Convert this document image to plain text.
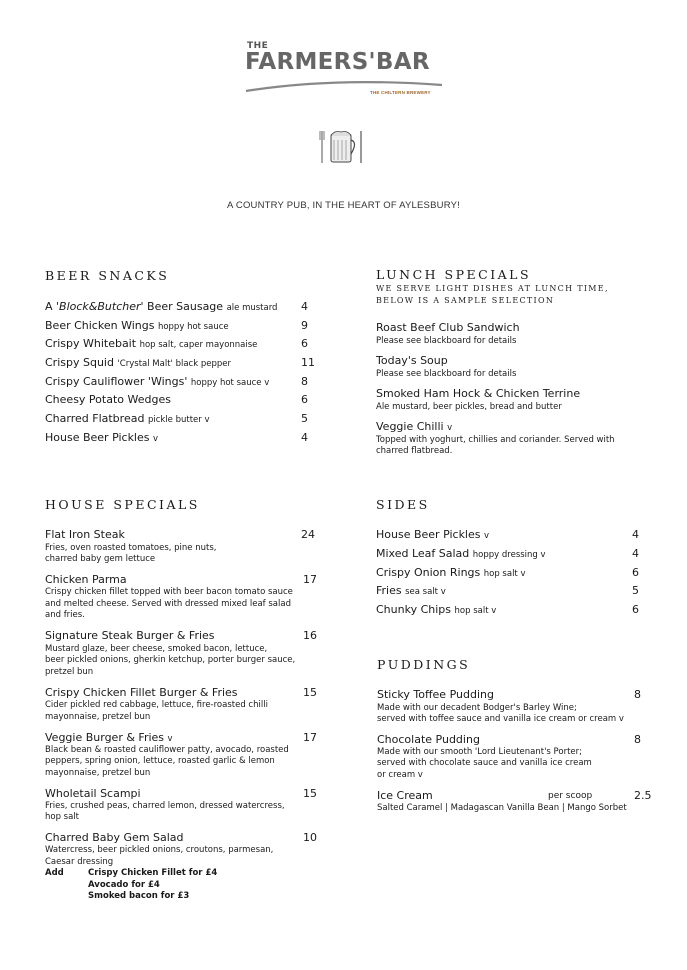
THE
FARMERS'BAR
THE CHILTERN BREWERY
A COUNTRY PUB, IN THE HEART OF AYLESBURY!
BEER SNACKS
A 'Block&Butcher' Beer Sausage ale mustard 4
Beer Chicken Wings hoppy hot sauce	9
Crispy Whitebait hop salt, caper mayonnaise	6
Crispy Squid 'Crystal Malt' black pepper	11
Crispy Cauliflower 'Wings' hoppy hot sauce v	8
Cheesy Potato Wedges	6
Charred Flatbread pickle butter v	5
House Beer Pickles v	4
LUNCH SPECIALS
WE SERVE LIGHT DISHES AT LUNCH TIME,
BELOW IS A SAMPLE SELECTION
Roast Beef Club Sandwich
Please see blackboard for details
Today's Soup
Please see blackboard for details
Smoked Ham Hock & Chicken Terrine
Ale mustard, beer pickles, bread and butter
Veggie Chilli v
Topped with yoghurt, chillies and coriander. Served with
charred flatbread.
HOUSE SPECIALS
Flat Iron Steak	24
Fries, oven roasted tomatoes, pine nuts,
charred baby gem lettuce
Chicken Parma	17
Crispy chicken fillet topped with beer bacon tomato sauce
and melted cheese. Served with dressed mixed leaf salad
and fries.
Signature Steak Burger & Fries	16
Mustard glaze, beer cheese, smoked bacon, lettuce,
beer pickled onions, gherkin ketchup, porter burger sauce,
pretzel bun
Crispy Chicken Fillet Burger & Fries	15
Cider pickled red cabbage, lettuce, fire-roasted chilli
mayonnaise, pretzel bun
Veggie Burger & Fries v	17
Black bean & roasted cauliflower patty, avocado, roasted
peppers, spring onion, lettuce, roasted garlic & lemon
mayonnaise, pretzel bun
Wholetail Scampi	15
Fries, crushed peas, charred lemon, dressed watercress,
hop salt
Charred Baby Gem Salad	10
Watercress, beer pickled onions, croutons, parmesan,
Caesar dressing
Add	Crispy Chicken Fillet for £4
Avocado for £4
Smoked bacon for £3
SIDES
House Beer Pickles v	4
Mixed Leaf Salad hoppy dressing v	4
Crispy Onion Rings hop salt v	6
Fries sea salt v	5
Chunky Chips hop salt v	6
PUDDINGS
Sticky Toffee Pudding	8
Made with our decadent Bodger's Barley Wine;
served with toffee sauce and vanilla ice cream or cream v
Chocolate Pudding	8
Made with our smooth 'Lord Lieutenant's Porter;
served with chocolate sauce and vanilla ice cream
or cream v
Ice Cream	per scoop	2.5
Salted Caramel | Madagascan Vanilla Bean | Mango Sorbet
